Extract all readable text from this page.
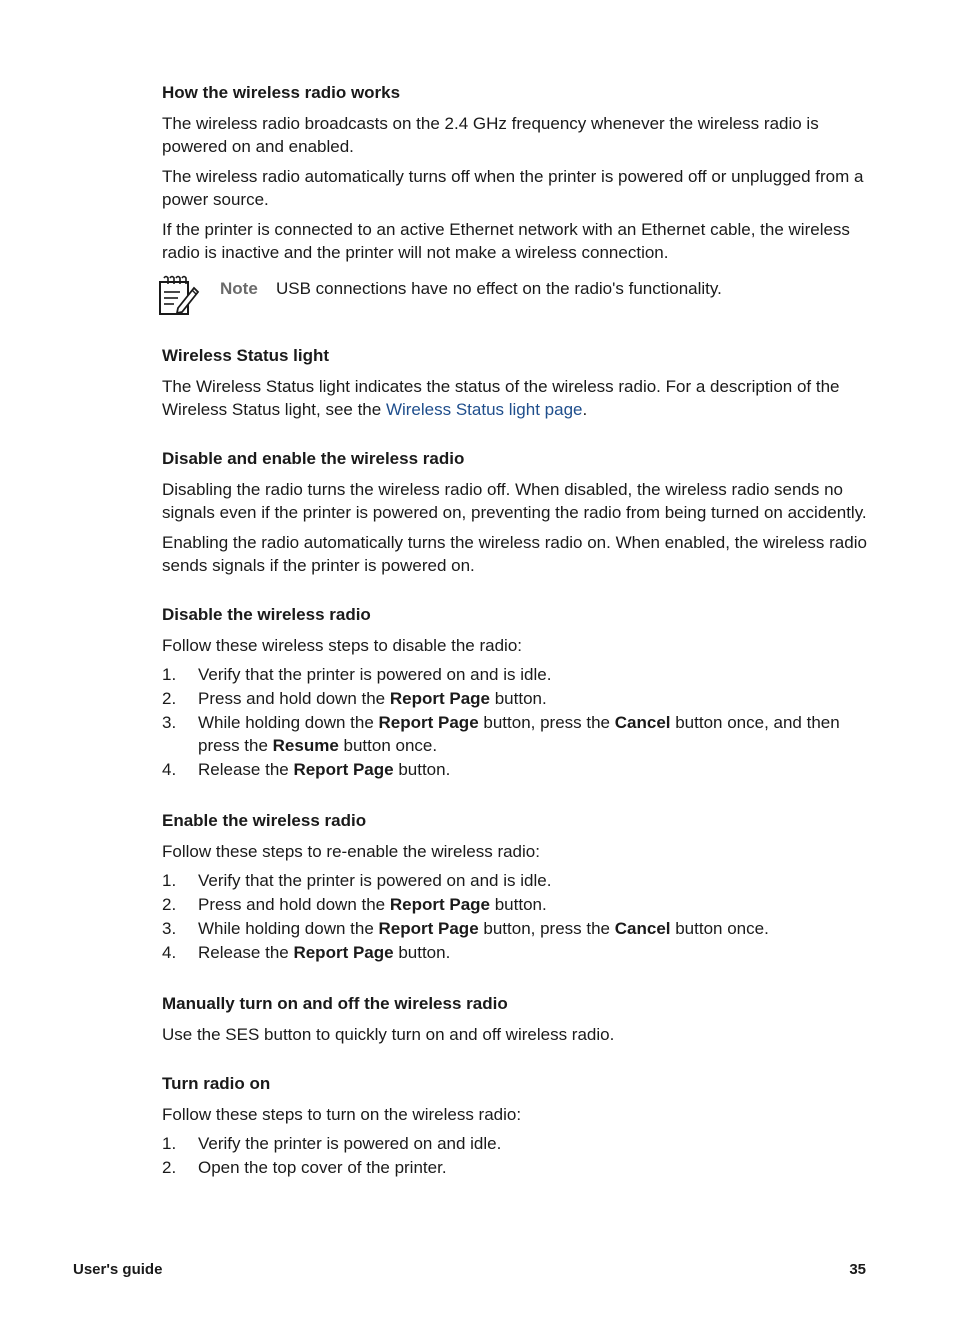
How the wireless radio works

The wireless radio broadcasts on the 2.4 GHz frequency whenever the wireless radio is powered on and enabled.

The wireless radio automatically turns off when the printer is powered off or unplugged from a power source.

If the printer is connected to an active Ethernet network with an Ethernet cable, the wireless radio is inactive and the printer will not make a wireless connection.

Note USB connections have no effect on the radio's functionality.
Wireless Status light

The Wireless Status light indicates the status of the wireless radio. For a description of the Wireless Status light, see the Wireless Status light page.

Disable and enable the wireless radio

Disabling the radio turns the wireless radio off. When disabled, the wireless radio sends no signals even if the printer is powered on, preventing the radio from being turned on accidently.

Enabling the radio automatically turns the wireless radio on. When enabled, the wireless radio sends signals if the printer is powered on.

Disable the wireless radio

Follow these wireless steps to disable the radio:

1. Verify that the printer is powered on and is idle.
2. Press and hold down the Report Page button.
3. While holding down the Report Page button, press the Cancel button once, and then press the Resume button once.
4. Release the Report Page button.
Enable the wireless radio

Follow these steps to re-enable the wireless radio:

1. Verify that the printer is powered on and is idle.
2. Press and hold down the Report Page button.
3. While holding down the Report Page button, press the Cancel button once.
4. Release the Report Page button.
Manually turn on and off the wireless radio

Use the SES button to quickly turn on and off wireless radio.

Turn radio on

Follow these steps to turn on the wireless radio:

1. Verify the printer is powered on and idle.
2. Open the top cover of the printer.
User's guide	35
